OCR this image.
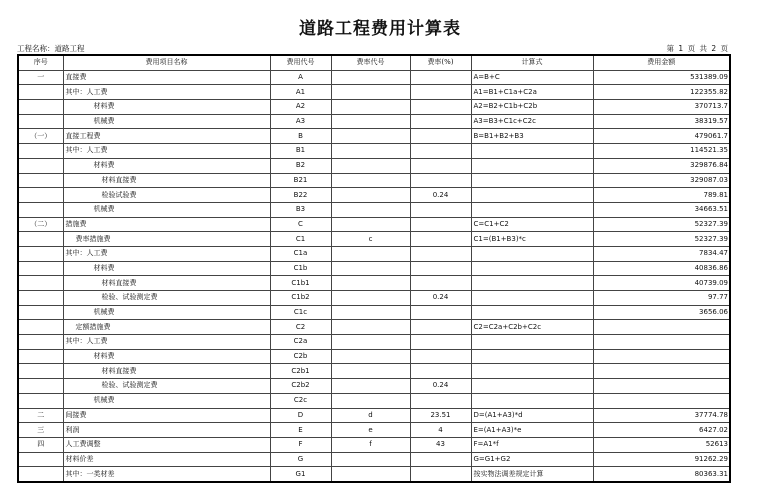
道路工程费用计算表
工程名称：道路工程	第 1 页 共 2 页
序号	费用项目名称	费用代号	费率代号	费率(%)	计算式	费用金额
一	直接费	A			A=B+C	531389.09
	其中：人工费	A1			A1=B1+C1a+C2a	122355.82
	材料费	A2			A2=B2+C1b+C2b	370713.7
	机械费	A3			A3=B3+C1c+C2c	38319.57
（一）	直接工程费	B			B=B1+B2+B3	479061.7
	其中：人工费	B1				114521.35
	材料费	B2				329876.84
	材料直接费	B21				329087.03
	检验试验费	B22		0.24		789.81
	机械费	B3				34663.51
（二）	措施费	C			C=C1+C2	52327.39
	费率措施费	C1	c		C1=(B1+B3)*c	52327.39
	其中：人工费	C1a				7834.47
	材料费	C1b				40836.86
	材料直接费	C1b1				40739.09
	检验、试验测定费	C1b2		0.24		97.77
	机械费	C1c				3656.06
	定额措施费	C2			C2=C2a+C2b+C2c	
	其中：人工费	C2a				
	材料费	C2b				
	材料直接费	C2b1				
	检验、试验测定费	C2b2		0.24		
	机械费	C2c				
二	间接费	D	d	23.51	D=(A1+A3)*d	37774.78
三	利润	E	e	4	E=(A1+A3)*e	6427.02
四	人工费调整	F	f	43	F=A1*f	52613
	材料价差	G			G=G1+G2	91262.29
	其中：一类材差	G1			按实物法调差规定计算	80363.31
